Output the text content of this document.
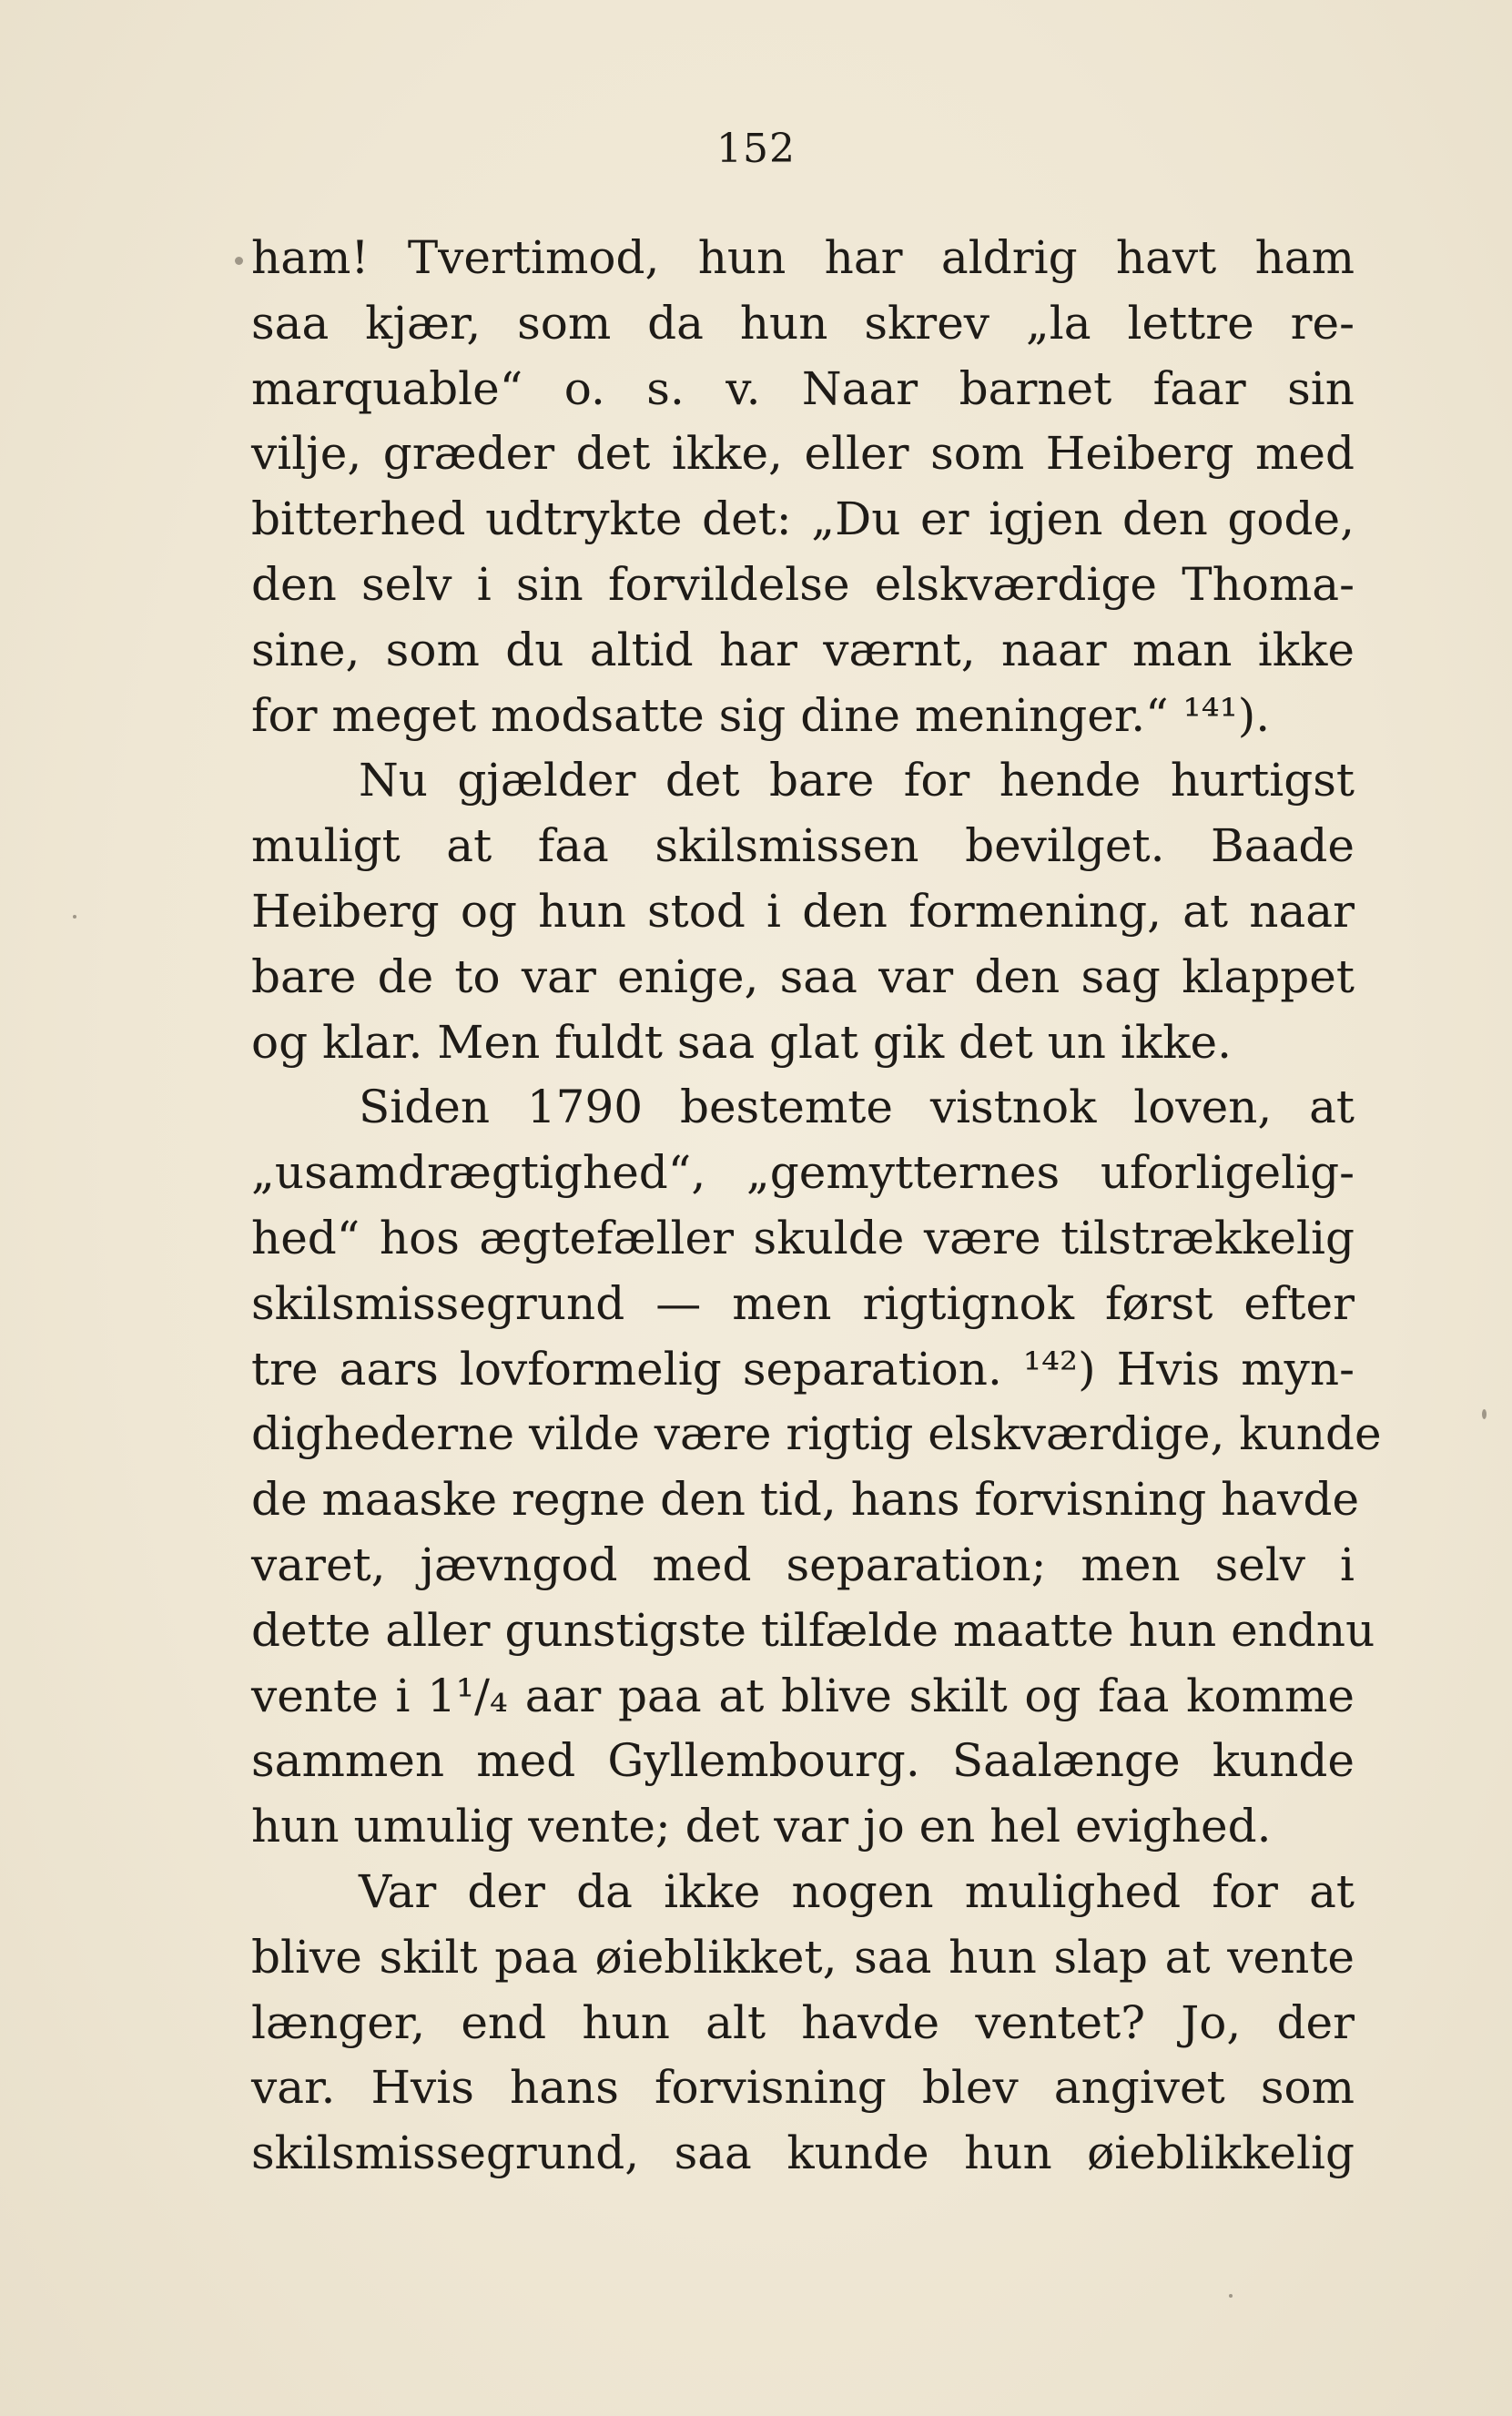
152
ham! Tvertimod, hun har aldrig havt ham
saa kjær, som da hun skrev „la lettre re-
marquable“ o. s. v. Naar barnet faar sin
vilje, græder det ikke, eller som Heiberg med
bitterhed udtrykte det: „Du er igjen den gode,
den selv i sin forvildelse elskværdige Thoma-
sine, som du altid har værnt, naar man ikke
for meget modsatte sig dine meninger.“ ¹⁴¹).
Nu gjælder det bare for hende hurtigst
muligt at faa skilsmissen bevilget. Baade
Heiberg og hun stod i den formening, at naar
bare de to var enige, saa var den sag klappet
og klar. Men fuldt saa glat gik det un ikke.
Siden 1790 bestemte vistnok loven, at
„usamdrægtighed“, „gemytternes uforligelig-
hed“ hos ægtefæller skulde være tilstrækkelig
skilsmissegrund — men rigtignok først efter
tre aars lovformelig separation. ¹⁴²) Hvis myn-
dighederne vilde være rigtig elskværdige, kunde
de maaske regne den tid, hans forvisning havde
varet, jævngod med separation; men selv i
dette aller gunstigste tilfælde maatte hun endnu
vente i 1¹/₄ aar paa at blive skilt og faa komme
sammen med Gyllembourg. Saalænge kunde
hun umulig vente; det var jo en hel evighed.
Var der da ikke nogen mulighed for at
blive skilt paa øieblikket, saa hun slap at vente
længer, end hun alt havde ventet? Jo, der
var. Hvis hans forvisning blev angivet som
skilsmissegrund, saa kunde hun øieblikkelig
